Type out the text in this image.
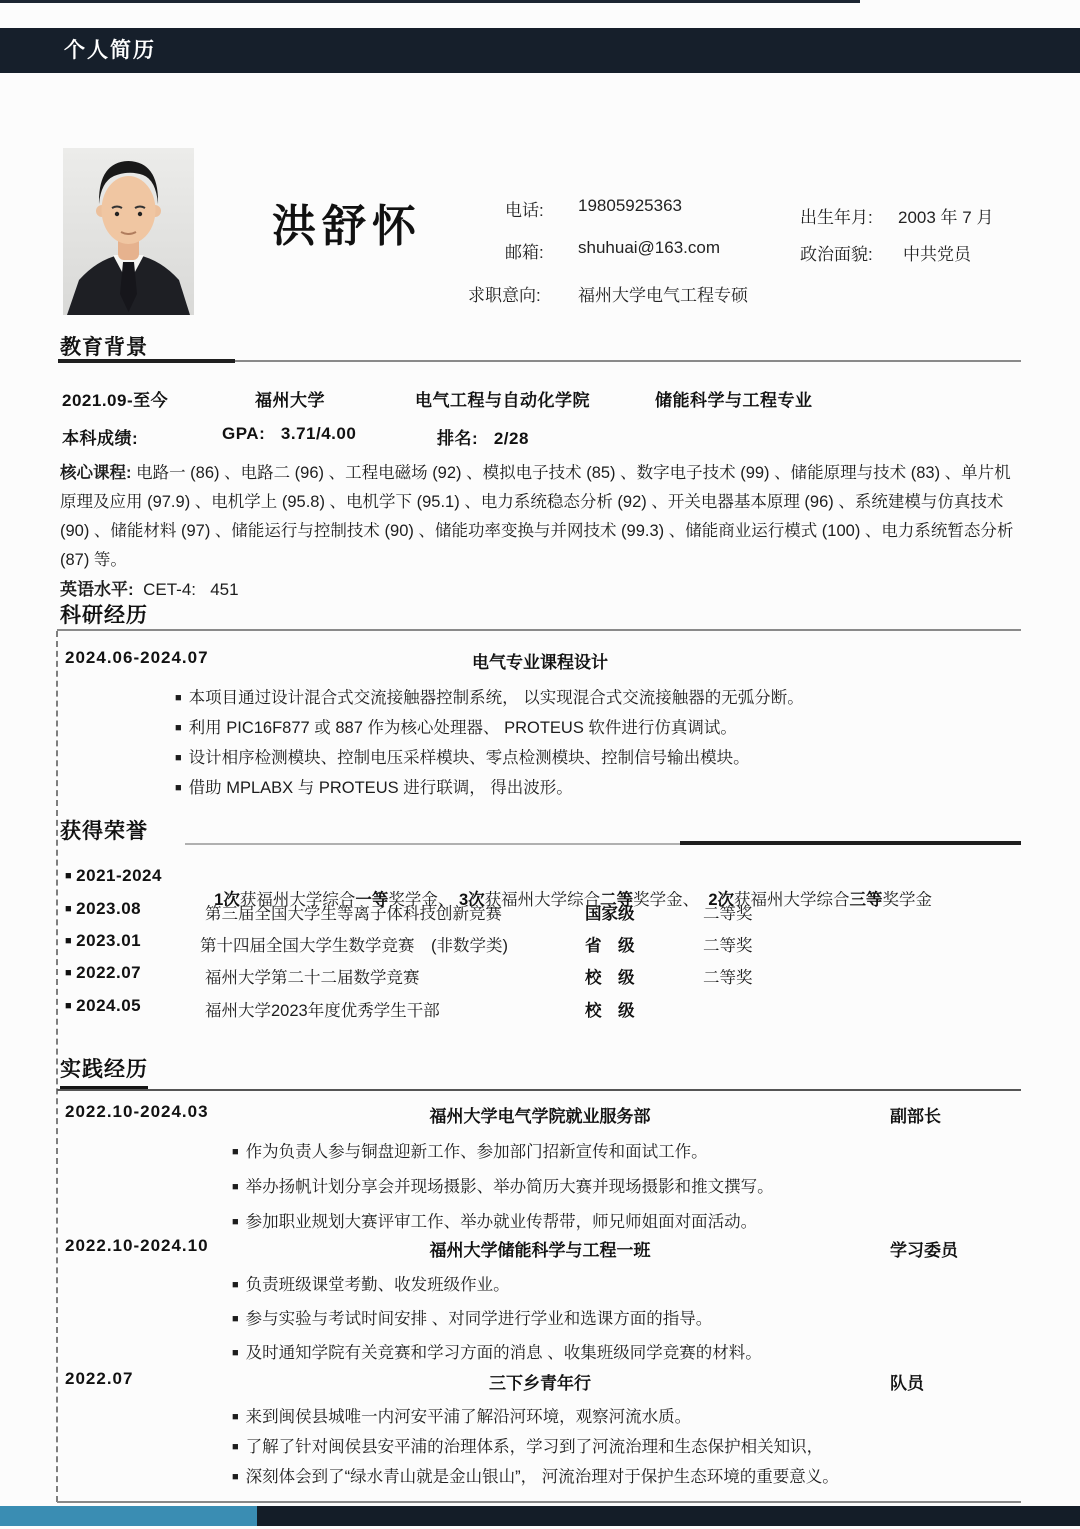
个人简历
洪舒怀	电话: 19805925363
邮箱: shuhuai@163.com
求职意向: 福州大学电气工程专硕
出生年月: 2003 年 7 月
政治面貌: 中共党员
教育背景
2021.09-至今	福州大学	电气工程与自动化学院	储能科学与工程专业
本科成绩:	GPA:   3.71/4.00	排名:   2/28
核心课程: 电路一 (86) 、电路二 (96) 、工程电磁场 (92) 、模拟电子技术 (85) 、数字电子技术 (99) 、储能原理与技术 (83) 、单片机原理及应用 (97.9) 、电机学上 (95.8) 、电机学下 (95.1) 、电力系统稳态分析 (92) 、开关电器基本原理 (96) 、系统建模与仿真技术 (90) 、储能材料 (97) 、储能运行与控制技术 (90) 、储能功率变换与并网技术 (99.3) 、储能商业运行模式 (100) 、电力系统暂态分析 (87) 等。
英语水平:  CET-4:   451
科研经历
2024.06-2024.07	电气专业课程设计
■ 本项目通过设计混合式交流接触器控制系统， 以实现混合式交流接触器的无弧分断。
■ 利用 PIC16F877 或 887 作为核心处理器、 PROTEUS 软件进行仿真调试。
■ 设计相序检测模块、控制电压采样模块、零点检测模块、控制信号输出模块。
■ 借助 MPLABX 与 PROTEUS 进行联调， 得出波形。
获得荣誉
■ 2021-2024

1次获福州大学综合一等奖学金、 3次获福州大学综合二等奖学金、  2次获福州大学综合三等奖学金

■ 2023.08	第三届全国大学生等离子体科技创新竞赛	国家级	二等奖
■ 2023.01	第十四届全国大学生数学竞赛　(非数学类)	省　级	二等奖
■ 2022.07	福州大学第二十二届数学竞赛	校　级	二等奖
■ 2024.05	福州大学2023年度优秀学生干部	校　级
实践经历
2022.10-2024.03	福州大学电气学院就业服务部	副部长
■ 作为负责人参与铜盘迎新工作、参加部门招新宣传和面试工作。
■ 举办扬帆计划分享会并现场摄影、举办简历大赛并现场摄影和推文撰写。
■ 参加职业规划大赛评审工作、举办就业传帮带，师兄师姐面对面活动。
2022.10-2024.10	福州大学储能科学与工程一班	学习委员
■ 负责班级课堂考勤、收发班级作业。
■ 参与实验与考试时间安排 、对同学进行学业和选课方面的指导。
■ 及时通知学院有关竞赛和学习方面的消息 、收集班级同学竞赛的材料。
2022.07	三下乡青年行	队员
■ 来到闽侯县城唯一内河安平浦了解沿河环境，观察河流水质。
■ 了解了针对闽侯县安平浦的治理体系，学习到了河流治理和生态保护相关知识，
■ 深刻体会到了“绿水青山就是金山银山”， 河流治理对于保护生态环境的重要意义。
